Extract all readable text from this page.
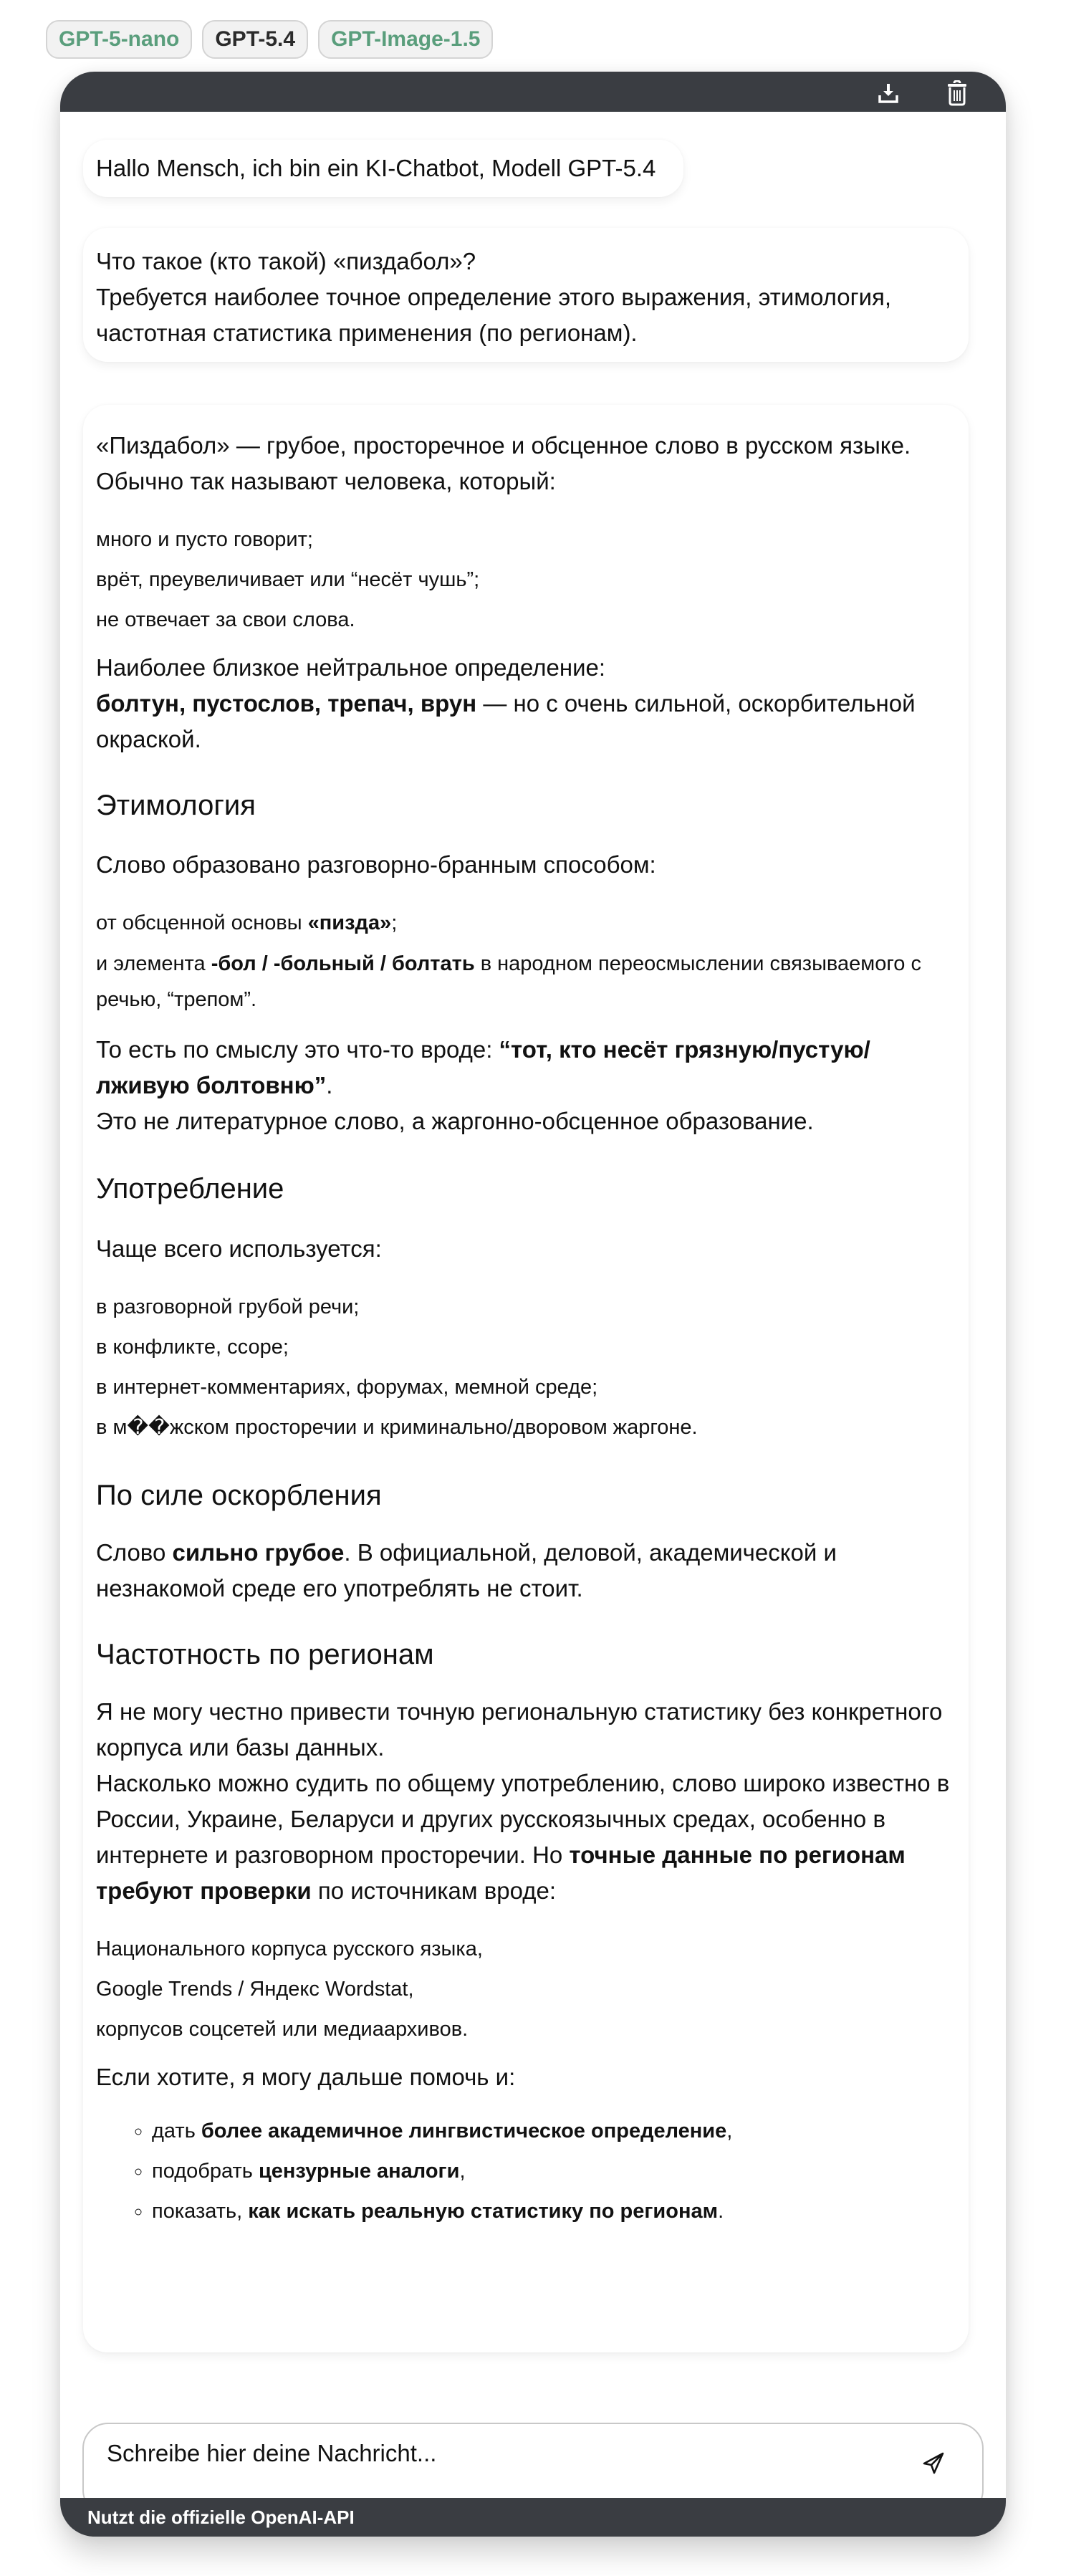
GPT-5-nano	GPT-5.4	GPT-Image-1.5
Hallo Mensch, ich bin ein KI-Chatbot, Modell GPT-5.4
Что такое (кто такой) «пиздабол»?
Требуется наиболее точное определение этого выражения, этимология, частотная статистика применения (по регионам).

«Пиздабол» — грубое, просторечное и обсценное слово в русском языке.
Обычно так называют человека, который:

много и пусто говорит;
врёт, преувеличивает или “несёт чушь”;
не отвечает за свои слова.

Наиболее близкое нейтральное определение:
болтун, пустослов, трепач, врун — но с очень сильной, оскорбительной окраской.

Этимология

Слово образовано разговорно-бранным способом:

от обсценной основы «пизда»;
и элемента -бол / -больный / болтать в народном переосмыслении связываемого с речью, “трепом”.

То есть по смыслу это что-то вроде: “тот, кто несёт грязную/пустую/лживую болтовню”.
Это не литературное слово, а жаргонно-обсценное образование.

Употребление

Чаще всего используется:

в разговорной грубой речи;
в конфликте, ссоре;
в интернет-комментариях, форумах, мемной среде;
в м��жском просторечии и криминально/дворовом жаргоне.
По силе оскорбления

Слово сильно грубое. В официальной, деловой, академической и незнакомой среде его употреблять не стоит.

Частотность по регионам

Я не могу честно привести точную региональную статистику без конкретного корпуса или базы данных.

Насколько можно судить по общему употреблению, слово широко известно в России, Украине, Беларуси и других русскоязычных средах, особенно в интернете и разговорном просторечии. Но точные данные по регионам требуют проверки по источникам вроде:

Национального корпуса русского языка,
Google Trends / Яндекс Wordstat,
корпусов соцсетей или медиаархивов.

Если хотите, я могу дальше помочь и:

◦ дать более академичное лингвистическое определение,
◦ подобрать цензурные аналоги,
◦ показать, как искать реальную статистику по регионам.
Schreibe hier deine Nachricht...
Nutzt die offizielle OpenAI-API
